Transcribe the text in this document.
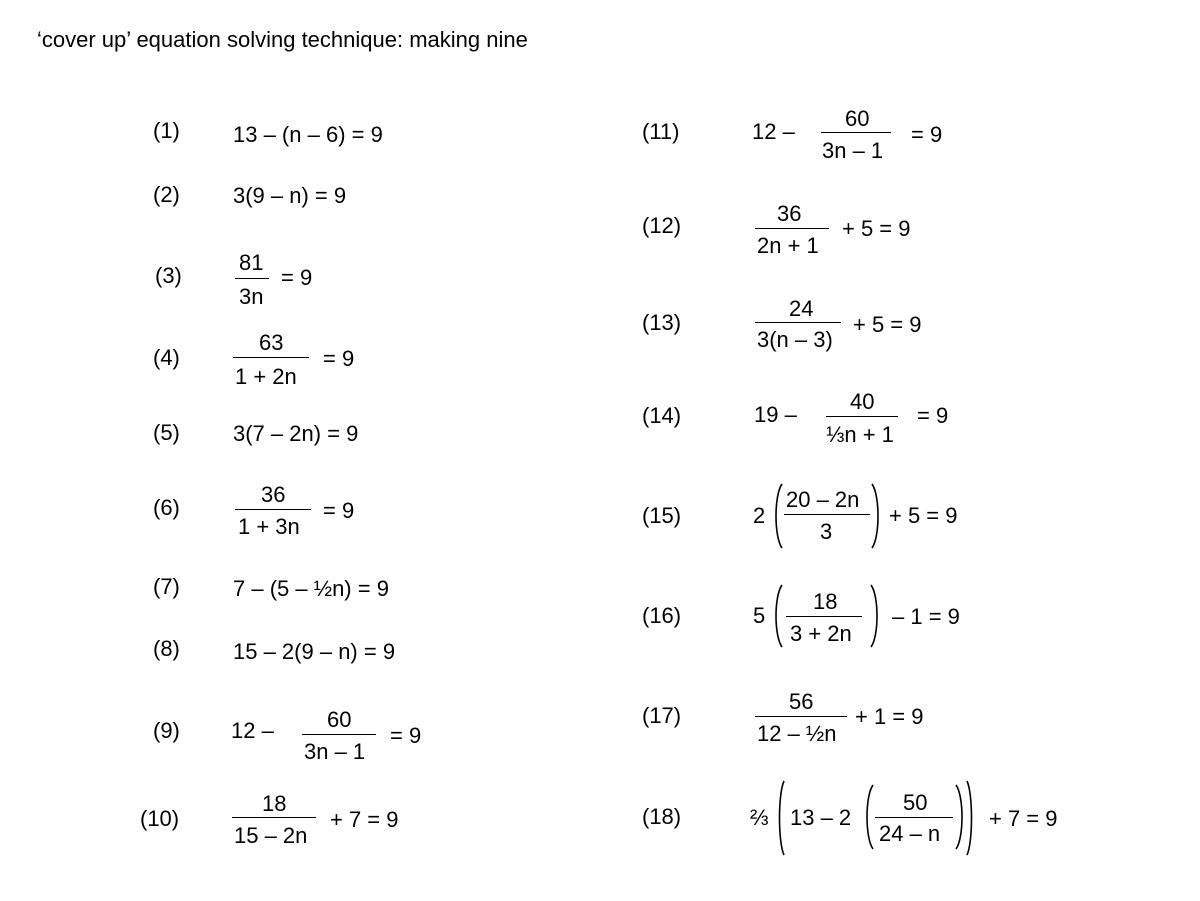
‘cover up’ equation solving technique: making nine
(1) 13 – (n – 6) = 9
(2) 3(9 – n) = 9
(3)
81
3n
= 9
(4)
63
1 + 2n
= 9
(5) 3(7 – 2n) = 9
(6)
36
1 + 3n
= 9
(7) 7 – (5 – ½n) = 9
(8) 15 – 2(9 – n) = 9
(9) 12 – 60
3n – 1
= 9
(10)
18
15 – 2n
+ 7 = 9
(11)	12 –
60
3n – 1
= 9
(12)	36
2n + 1
+ 5 = 9
(13)
24
3(n – 3)
+ 5 = 9
(14)	19 –
40
⅓n + 1
= 9
(15)	2
20 – 2n
3
+ 5 = 9
(16)	5
18
3 + 2n
– 1 = 9
(17)
56
12 – ½n
+ 1 = 9
(18)	⅔ 13 – 2
50
24 – n
+ 7 = 9
